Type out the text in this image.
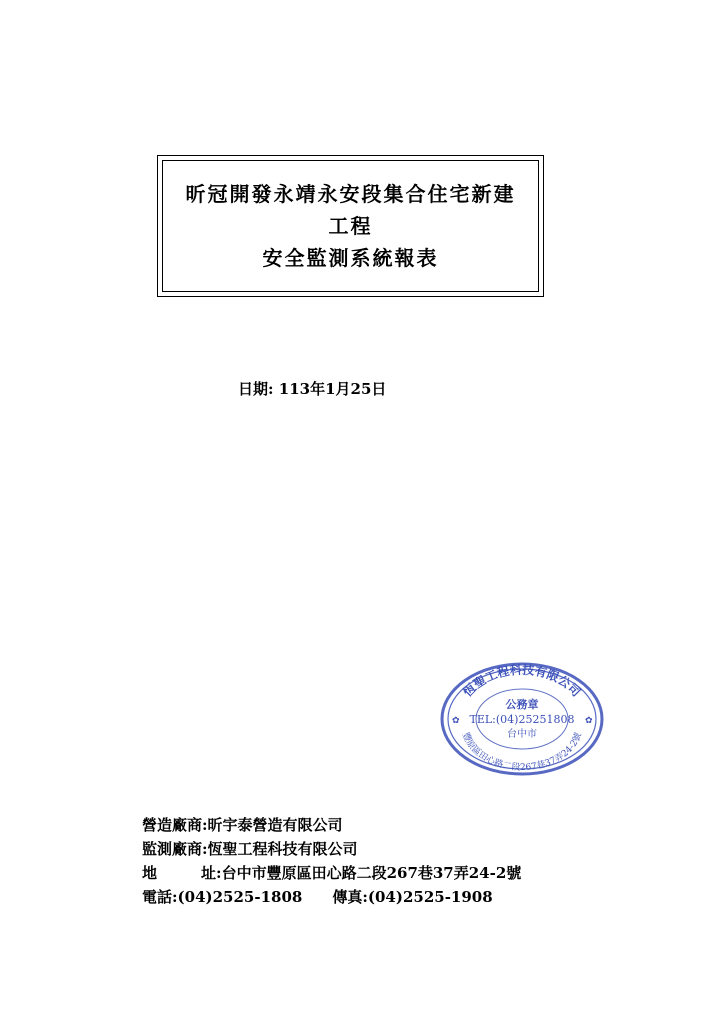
昕冠開發永靖永安段集合住宅新建
工程
安全監測系統報表
日期: 113年1月25日
恆聖工程科技有限公司
豐原區田心路二段267巷37弄24-2號
公務章
TEL:(04)25251808
台中市
✿	✿
營造廠商:昕宇泰營造有限公司
監測廠商:恆聖工程科技有限公司
地	址:台中市豐原區田心路二段267巷37弄24-2號
電話:(04)2525-1808 傳真:(04)2525-1908
